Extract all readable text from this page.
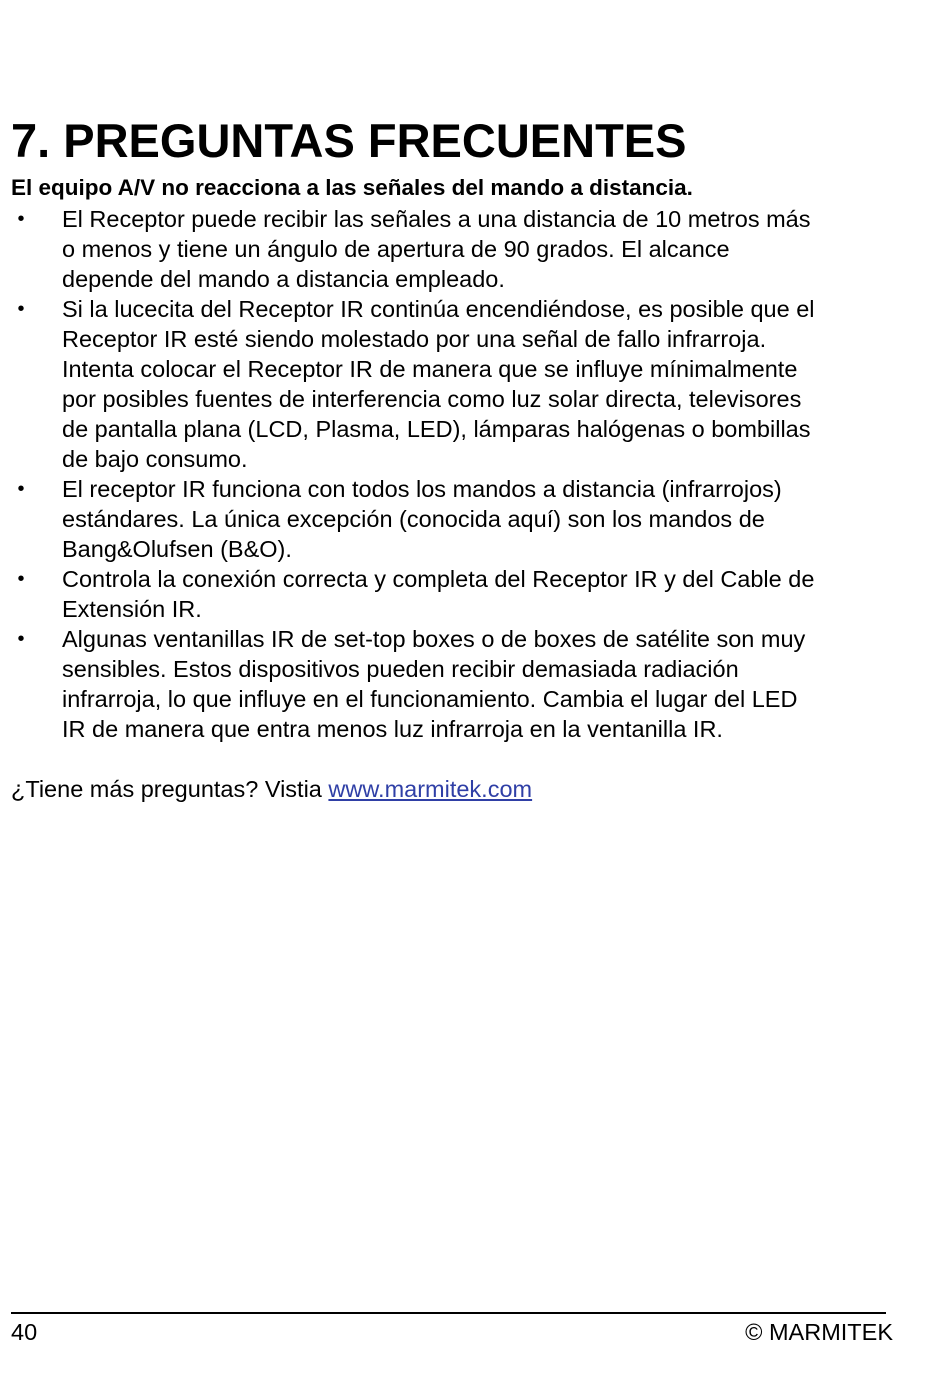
7. PREGUNTAS FRECUENTES
El equipo A/V no reacciona a las señales del mando a distancia.
• El Receptor puede recibir las señales a una distancia de 10 metros más
o menos y tiene un ángulo de apertura de 90 grados. El alcance
depende del mando a distancia empleado.
• Si la lucecita del Receptor IR continúa encendiéndose, es posible que el
Receptor IR esté siendo molestado por una señal de fallo infrarroja.
Intenta colocar el Receptor IR de manera que se influye mínimalmente
por posibles fuentes de interferencia como luz solar directa, televisores
de pantalla plana (LCD, Plasma, LED), lámparas halógenas o bombillas
de bajo consumo.
• El receptor IR funciona con todos los mandos a distancia (infrarrojos)
estándares. La única excepción (conocida aquí) son los mandos de
Bang&Olufsen (B&O).
• Controla la conexión correcta y completa del Receptor IR y del Cable de
Extensión IR.
• Algunas ventanillas IR de set-top boxes o de boxes de satélite son muy
sensibles. Estos dispositivos pueden recibir demasiada radiación
infrarroja, lo que influye en el funcionamiento. Cambia el lugar del LED
IR de manera que entra menos luz infrarroja en la ventanilla IR.

¿Tiene más preguntas? Vistia www.marmitek.com

40	© MARMITEK
